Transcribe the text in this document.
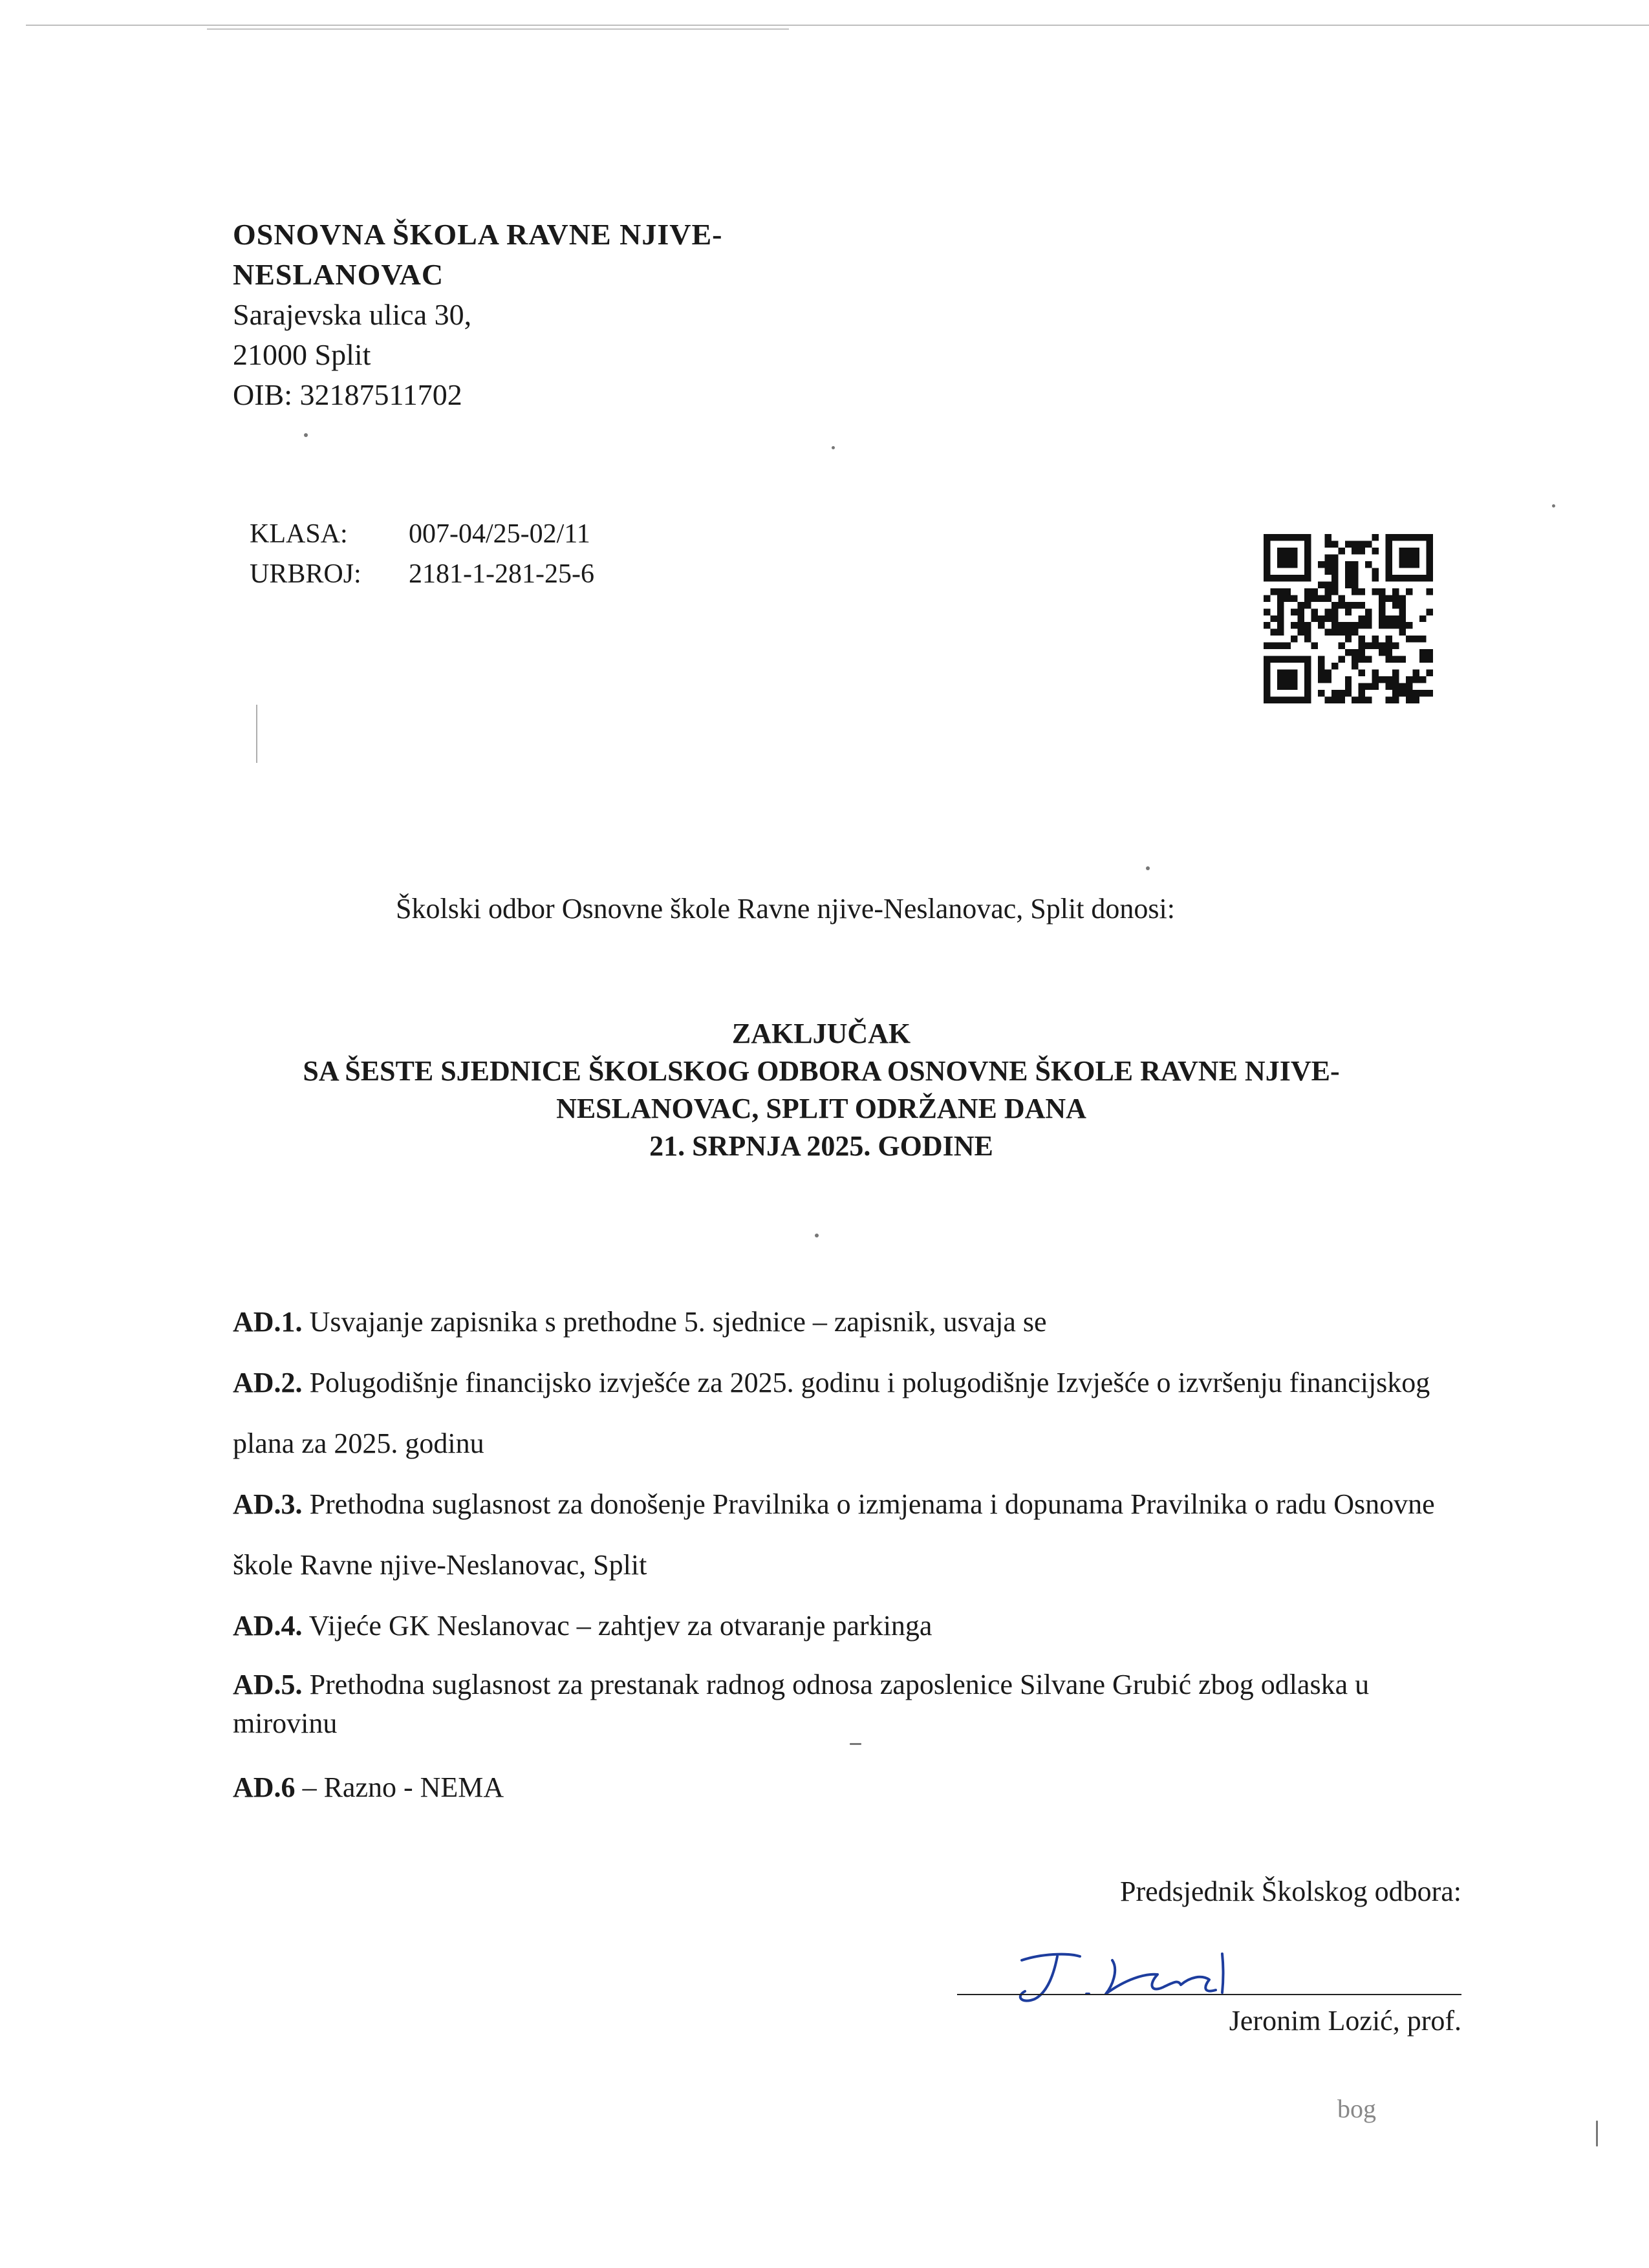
OSNOVNA ŠKOLA RAVNE NJIVE-NESLANOVAC
Sarajevska ulica 30,
21000 Split
OIB: 32187511702
KLASA:	007-04/25-02/11
URBROJ:	2181-1-281-25-6
Školski odbor Osnovne škole Ravne njive-Neslanovac, Split donosi:
ZAKLJUČAK
SA ŠESTE SJEDNICE ŠKOLSKOG ODBORA OSNOVNE ŠKOLE RAVNE NJIVE-
NESLANOVAC, SPLIT ODRŽANE DANA
21. SRPNJA 2025. GODINE

AD.1. Usvajanje zapisnika s prethodne 5. sjednice – zapisnik, usvaja se

AD.2. Polugodišnje financijsko izvješće za 2025. godinu i polugodišnje Izvješće o izvršenju financijskog plana za 2025. godinu

AD.3. Prethodna suglasnost za donošenje Pravilnika o izmjenama i dopunama Pravilnika o radu Osnovne škole Ravne njive-Neslanovac, Split

AD.4. Vijeće GK Neslanovac – zahtjev za otvaranje parkinga

AD.5. Prethodna suglasnost za prestanak radnog odnosa zaposlenice Silvane Grubić zbog odlaska u mirovinu

AD.6 – Razno - NEMA

Predsjednik Školskog odbora:
Jeronim Lozić, prof.
bog
